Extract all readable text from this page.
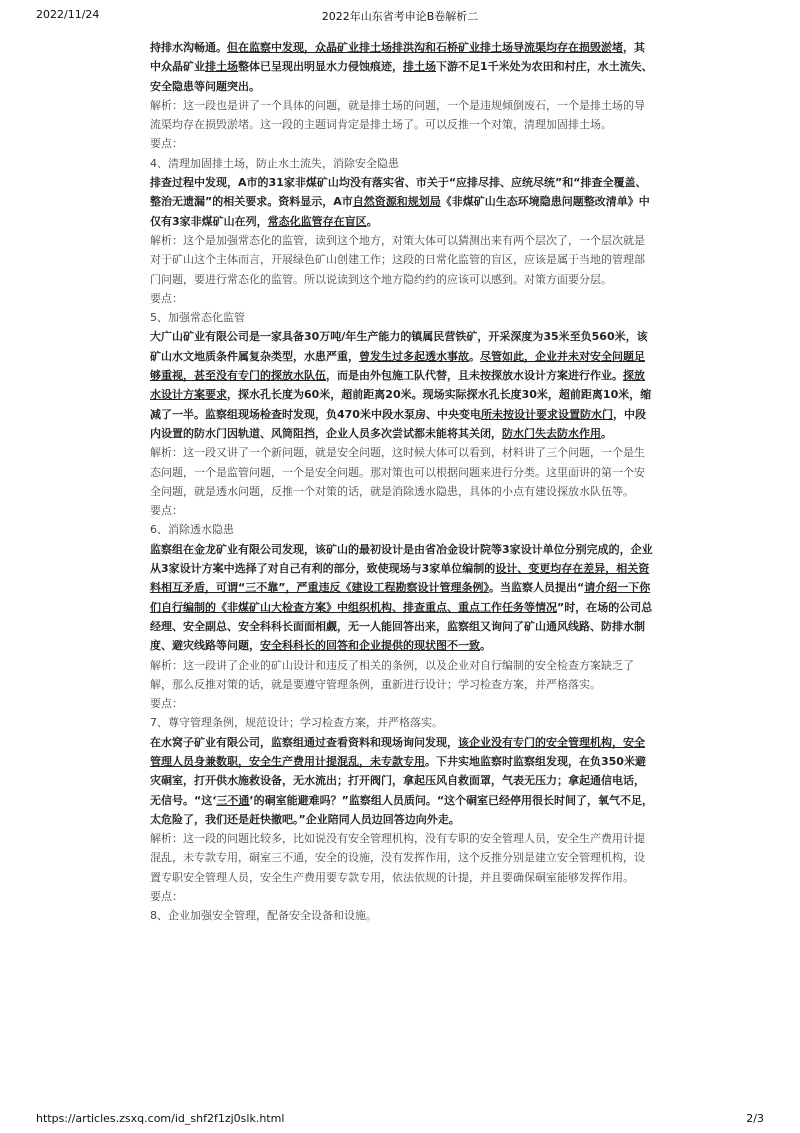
2022/11/24	2022年山东省考申论B卷解析二

持排水沟畅通。但在监察中发现，众晶矿业排土场排洪沟和石桥矿业排土场导流渠均存在损毁淤堵，其中众晶矿业排土场整体已呈现出明显水力侵蚀痕迹，排土场下游不足1千米处为农田和村庄，水土流失、安全隐患等问题突出。

解析：这一段也是讲了一个具体的问题，就是排土场的问题，一个是违规倾倒废石，一个是排土场的导流渠均存在损毁淤堵。这一段的主题词肯定是排土场了。可以反推一个对策，清理加固排土场。

要点：

4、清理加固排土场，防止水土流失，消除安全隐患

排查过程中发现，A市的31家非煤矿山均没有落实省、市关于“应排尽排、应统尽统”和“排查全覆盖、整治无遗漏”的相关要求。资料显示，A市自然资源和规划局《非煤矿山生态环境隐患问题整改清单》中仅有3家非煤矿山在列，常态化监管存在盲区。

解析：这个是加强常态化的监管，读到这个地方，对策大体可以猜测出来有两个层次了，一个层次就是对于矿山这个主体而言，开展绿色矿山创建工作；这段的日常化监管的盲区，应该是属于当地的管理部门问题，要进行常态化的监管。所以说读到这个地方隐约约的应该可以感到。对策方面要分层。

要点：

5、加强常态化监管

大广山矿业有限公司是一家具备30万吨/年生产能力的镇属民营铁矿，开采深度为35米至负560米，该矿山水文地质条件属复杂类型，水患严重，曾发生过多起透水事故。尽管如此，企业并未对安全问题足够重视，甚至没有专门的探放水队伍，而是由外包施工队代替，且未按探放水设计方案进行作业。探放水设计方案要求，探水孔长度为60米，超前距离20米。现场实际探水孔长度30米，超前距离10米，缩减了一半。监察组现场检查时发现，负470米中段水泵房、中央变电所未按设计要求设置防水门，中段内设置的防水门因轨道、风筒阻挡，企业人员多次尝试都未能将其关闭，防水门失去防水作用。

解析：这一段又讲了一个新问题，就是安全问题，这时候大体可以看到，材料讲了三个问题，一个是生态问题，一个是监管问题，一个是安全问题。那对策也可以根据问题来进行分类。这里面讲的第一个安全问题，就是透水问题，反推一个对策的话，就是消除透水隐患，具体的小点有建设探放水队伍等。

要点：

6、消除透水隐患

监察组在金龙矿业有限公司发现，该矿山的最初设计是由省冶金设计院等3家设计单位分别完成的，企业从3家设计方案中选择了对自己有利的部分，致使现场与3家单位编制的设计、变更均存在差异，相关资料相互矛盾，可谓“三不靠”，严重违反《建设工程勘察设计管理条例》。当监察人员提出“请介绍一下你们自行编制的《非煤矿山大检查方案》中组织机构、排查重点、重点工作任务等情况”时，在场的公司总经理、安全副总、安全科科长面面相觑，无一人能回答出来，监察组又询问了矿山通风线路、防排水制度、避灾线路等问题，安全科科长的回答和企业提供的现状图不一致。

解析：这一段讲了企业的矿山设计和违反了相关的条例，以及企业对自行编制的安全检查方案缺乏了解，那么反推对策的话，就是要遵守管理条例，重新进行设计；学习检查方案，并严格落实。

要点：

7、尊守管理条例，规范设计；学习检查方案，并严格落实。

在水窝子矿业有限公司，监察组通过查看资料和现场询问发现，该企业没有专门的安全管理机构，安全管理人员身兼数职，安全生产费用计提混乱，未专款专用。下井实地监察时监察组发现，在负350米避灾硐室，打开供水施救设备，无水流出；打开阀门，拿起压风自救面罩，气表无压力；拿起通信电话，无信号。“这‘三不通’的硐室能避难吗？”监察组人员质问。“这个硐室已经停用很长时间了，氧气不足，太危险了，我们还是赶快撤吧。”企业陪同人员边回答边向外走。

解析：这一段的问题比较多，比如说没有安全管理机构，没有专职的安全管理人员，安全生产费用计提混乱，未专款专用，硐室三不通，安全的设施，没有发挥作用，这个反推分别是建立安全管理机构，设置专职安全管理人员，安全生产费用要专款专用，依法依规的计提，并且要确保硐室能够发挥作用。

要点：

8、企业加强安全管理，配备安全设备和设施。

https://articles.zsxq.com/id_shf2f1zj0slk.html	2/3
